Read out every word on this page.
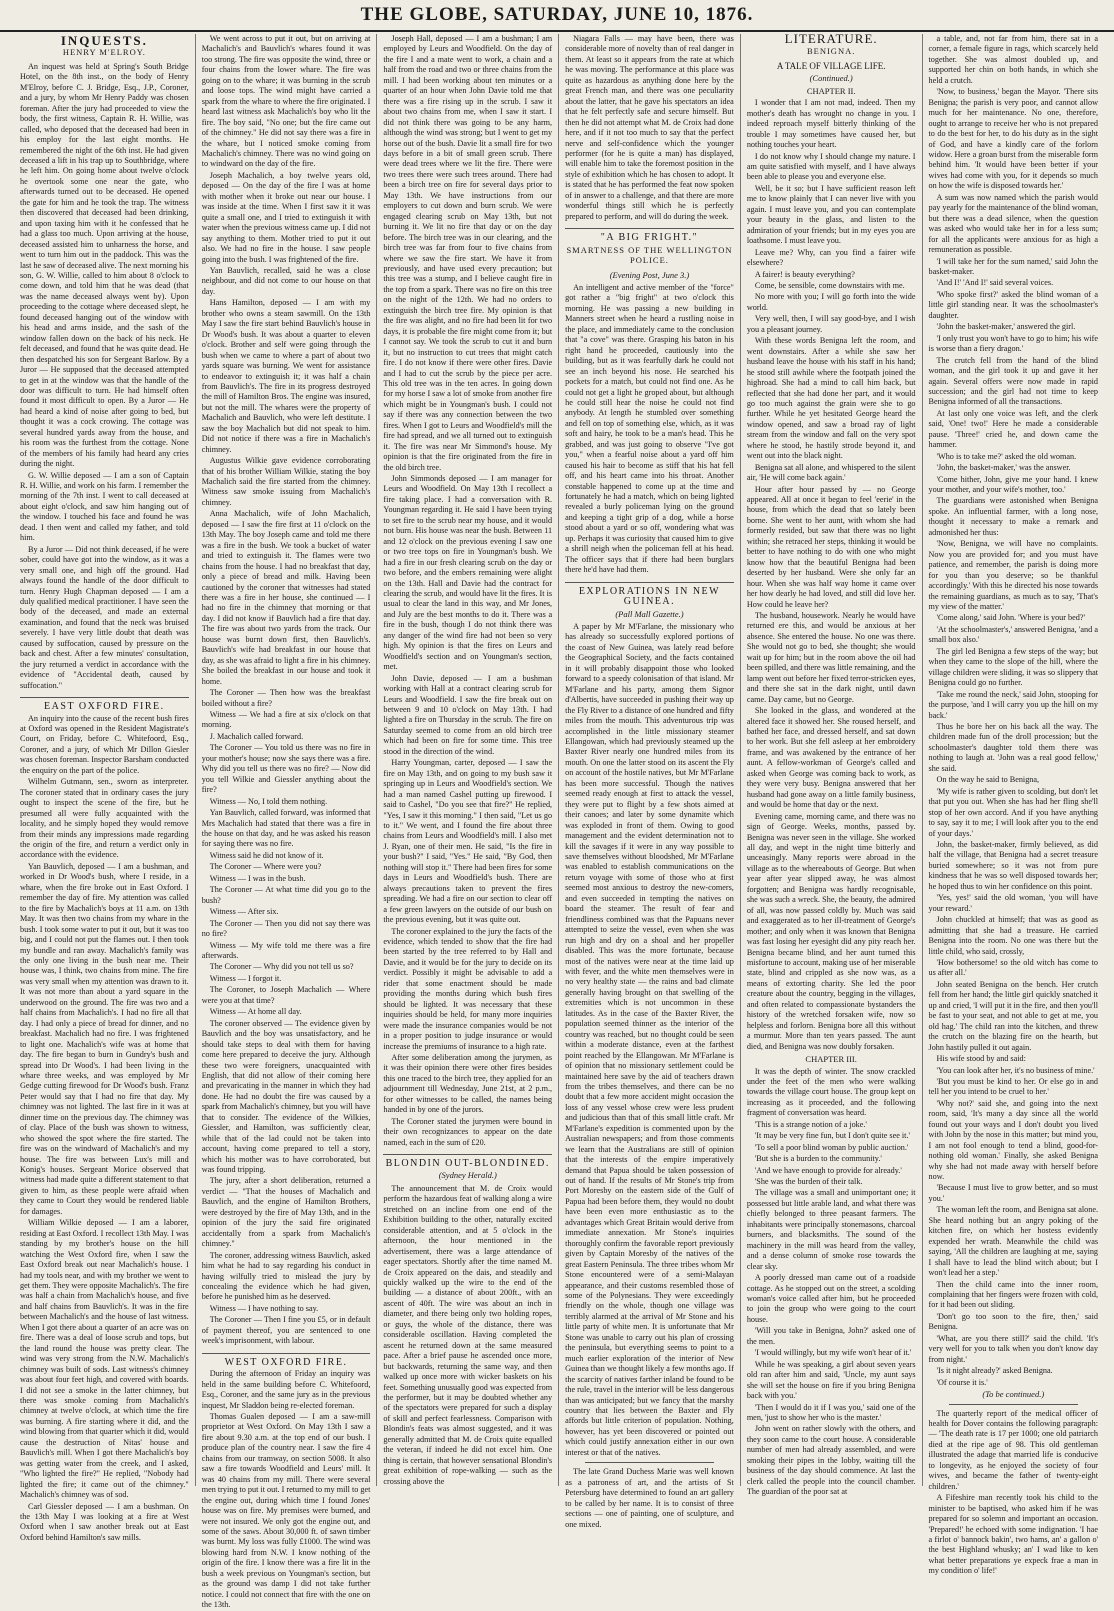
THE GLOBE, SATURDAY, JUNE 10, 1876.
INQUESTS.
HENRY M'ELROY.

An inquest was held at Spring's South Bridge Hotel, on the 8th inst., on the body of Henry M'Elroy, before C. J. Bridge, Esq., J.P., Coroner, and a jury, by whom Mr Henry Paddy was chosen foreman. After the jury had proceeded to view the body, the first witness, Captain R. H. Willie, was called, who deposed that the deceased had been in his employ for the last eight months. He remembered the night of the 6th inst. He had given deceased a lift in his trap up to Southbridge, where he left him. On going home about twelve o'clock he overtook some one near the gate, who afterwards turned out to be deceased. He opened the gate for him and he took the trap. The witness then discovered that deceased had been drinking, and upon taxing him with it he confessed that he had a glass too much. Upon arriving at the house, deceased assisted him to unharness the horse, and went to turn him out in the paddock. This was the last he saw of deceased alive. The next morning his son, G. W. Willie, called to him about 8 o'clock to come down, and told him that he was dead (that was the name deceased always went by). Upon proceeding to the cottage where deceased slept, he found deceased hanging out of the window with his head and arms inside, and the sash of the window fallen down on the back of his neck. He felt deceased, and found that he was quite dead. He then despatched his son for Sergeant Barlow. By a Juror — He supposed that the deceased attempted to get in at the window was that the handle of the door was difficult to turn. He had himself often found it most difficult to open. By a Juror — He had heard a kind of noise after going to bed, but thought it was a cock crowing. The cottage was several hundred yards away from the house, and his room was the furthest from the cottage. None of the members of his family had heard any cries during the night.

G. W. Willie deposed — I am a son of Captain R. H. Willie, and work on his farm. I remember the morning of the 7th inst. I went to call deceased at about eight o'clock, and saw him hanging out of the window. I touched his face and found he was dead. I then went and called my father, and told him.

By a Juror — Did not think deceased, if he were sober, could have got into the window, as it was a very small one, and high off the ground. Had always found the handle of the door difficult to turn. Henry Hugh Chapman deposed — I am a duly qualified medical practitioner. I have seen the body of the deceased, and made an external examination, and found that the neck was bruised severely. I have very little doubt that death was caused by suffocation, caused by pressure on the back and chest. After a few minutes' consultation, the jury returned a verdict in accordance with the evidence of "Accidental death, caused by suffocation."

EAST OXFORD FIRE.

An inquiry into the cause of the recent bush fires at Oxford was opened in the Resident Magistrate's Court, on Friday, before C. Whitefoord, Esq., Coroner, and a jury, of which Mr Dillon Giesler was chosen foreman. Inspector Barsham conducted the enquiry on the part of the police.

Wilhelm Gutmann, sen., sworn as interpreter. The coroner stated that in ordinary cases the jury ought to inspect the scene of the fire, but he presumed all were fully acquainted with the locality, and he simply hoped they would remove from their minds any impressions made regarding the origin of the fire, and return a verdict only in accordance with the evidence.

Yan Bauvlich, deposed — I am a bushman, and worked in Dr Wood's bush, where I reside, in a whare, when the fire broke out in East Oxford. I remember the day of fire. My attention was called to the fire by Machalich's boys at 11 a.m. on 13th May. It was then two chains from my whare in the bush. I took some water to put it out, but it was too big, and I could not put the flames out. I then took my bundle and ran away. Machalich's family was the only one living in the bush near me. Their house was, I think, two chains from mine. The fire was very small when my attention was drawn to it. It was not more than about a yard square in the underwood on the ground. The fire was two and a half chains from Machalich's. I had no fire all that day. I had only a piece of bread for dinner, and no breakfast. Machalich had no fire. I was frightened to light one. Machalich's wife was at home that day. The fire began to burn in Gundry's bush and spread into Dr Wood's. I had been living in the whare three weeks, and was employed by Mr Gedge cutting firewood for Dr Wood's bush. Franz Peter would say that I had no fire that day. My chimney was not lighted. The last fire in it was at dinner time on the previous day. The chimney was of clay. Place of the bush was shown to witness, who showed the spot where the fire started. The fire was on the windward of Machalich's and my house. The fire was between Lux's mill and Konig's houses. Sergeant Morice observed that witness had made quite a different statement to that given to him, as these people were afraid when they came to Court they would be rendered liable for damages.

William Wilkie deposed — I am a laborer, residing at East Oxford. I recollect 13th May. I was standing by my brother's house on the hill watching the West Oxford fire, when I saw the East Oxford break out near Machalich's house. I had my tools near, and with my brother we went to get them. They were opposite Machalich's. The fire was half a chain from Machalich's house, and five and half chains from Bauvlich's. It was in the fire between Machalich's and the house of last witness. When I got there about a quarter of an acre was on fire. There was a deal of loose scrub and tops, but the land round the house was pretty clear. The wind was very strong from the N.W. Machalich's chimney was built of sods. Last witness's chimney was about four feet high, and covered with boards. I did not see a smoke in the latter chimney, but there was smoke coming from Machalich's chimney at twelve o'clock, at which time the fire was burning. A fire starting where it did, and the wind blowing from that quarter which it did, would cause the destruction of Nitas' house and Bauvlich's mill. When I got there Machalich's boy was getting water from the creek, and I asked, "Who lighted the fire?" He replied, "Nobody had lighted the fire; it came out of the chimney." Machalich's chimney was of sod.

Carl Giessler deposed — I am a bushman. On the 13th May I was looking at a fire at West Oxford when I saw another break out at East Oxford behind Hamilton's saw mills.

We went across to put it out, but on arriving at Machalich's and Bauvlich's whares found it was too strong. The fire was opposite the wind, three or four chains from the lower whare. The fire was going on to the whare; it was burning in the scrub and loose tops. The wind might have carried a spark from the whare to where the fire originated. I heard last witness ask Machalich's boy who lit the fire. The boy said, "No one; but the fire came out of the chimney." He did not say there was a fire in the whare, but I noticed smoke coming from Machalich's chimney. There was no wind going on to windward on the day of the fire.

Joseph Machalich, a boy twelve years old, deposed — On the day of the fire I was at home with mother when it broke out near our house. I was inside at the time. When I first saw it it was quite a small one, and I tried to extinguish it with water when the previous witness came up. I did not say anything to them. Mother tried to put it out also. We had no fire in the house. I saw people going into the bush. I was frightened of the fire.

Yan Bauvlich, recalled, said he was a close neighbour, and did not come to our house on that day.

Hans Hamilton, deposed — I am with my brother who owns a steam sawmill. On the 13th May I saw the fire start behind Bauvlich's house in Dr Wood's bush. It was about a quarter to eleven o'clock. Brother and self were going through the bush when we came to where a part of about two yards square was burning. We went for assistance to endeavor to extinguish it; it was half a chain from Bauvlich's. The fire in its progress destroyed the mill of Hamilton Bros. The engine was insured, but not the mill. The whares were the property of Machalich and Bauvlich, who were left destitute. I saw the boy Machalich but did not speak to him. Did not notice if there was a fire in Machalich's chimney.

Augustus Wilkie gave evidence corroborating that of his brother William Wilkie, stating the boy Machalich said the fire started from the chimney. Witness saw smoke issuing from Machalich's chimney.

Anna Machalich, wife of John Machalich, deposed — I saw the fire first at 11 o'clock on the 13th May. The boy Joseph came and told me there was a fire in the bush. We took a bucket of water and tried to extinguish it. The flames were two chains from the house. I had no breakfast that day, only a piece of bread and milk. Having been cautioned by the coroner that witnesses had stated there was a fire in her house, she continued — I had no fire in the chimney that morning or that day. I did not know if Bauvlich had a fire that day. The fire was about two yards from the track. Our house was burnt down first, then Bauvlich's. Bauvlich's wife had breakfast in our house that day, as she was afraid to light a fire in his chimney. She boiled the breakfast in our house and took it home.

The Coroner — Then how was the breakfast boiled without a fire?

Witness — We had a fire at six o'clock on that morning.

J. Machalich called forward.

The Coroner — You told us there was no fire in your mother's house; now she says there was a fire. Why did you tell us there was no fire? — Now did you tell Wilkie and Giessler anything about the fire?

Witness — No, I told them nothing.

Yan Bauvlich, called forward, was informed that Mrs Machalich had stated that there was a fire in the house on that day, and he was asked his reason for saying there was no fire.

Witness said he did not know of it.

The Coroner — Where were you?

Witness — I was in the bush.

The Coroner — At what time did you go to the bush?

Witness — After six.

The Coroner — Then you did not say there was no fire?

Witness — My wife told me there was a fire afterwards.

The Coroner — Why did you not tell us so?

Witness — I forgot it.

The Coroner, to Joseph Machalich — Where were you at that time?

Witness — At home all day.

The coroner observed — The evidence given by Bauvlich and the boy was unsatisfactory, and he should take steps to deal with them for having come here prepared to deceive the jury. Although these two were foreigners, unacquainted with English, that did not allow of their coming here and prevaricating in the manner in which they had done. He had no doubt the fire was caused by a spark from Machalich's chimney, but you will have that to consider. The evidence of the Wilkies, Giessler, and Hamilton, was sufficiently clear, while that of the lad could not be taken into account, having come prepared to tell a story, which his mother was to have corroborated, but was found tripping.

The jury, after a short deliberation, returned a verdict — "That the houses of Machalich and Bauvlich, and the engine of Hamilton Brothers, were destroyed by the fire of May 13th, and in the opinion of the jury the said fire originated accidentally from a spark from Machalich's chimney."

The coroner, addressing witness Bauvlich, asked him what he had to say regarding his conduct in having wilfully tried to mislead the jury by concealing the evidence which he had given, before he punished him as he deserved.

Witness — I have nothing to say.

The Coroner — Then I fine you £5, or in default of payment thereof, you are sentenced to one week's imprisonment, with labour.

WEST OXFORD FIRE.

During the afternoon of Friday an inquiry was held in the same building before C. Whitefoord, Esq., Coroner, and the same jury as in the previous inquest, Mr Sladdon being re-elected foreman.

Thomas Gualen deposed — I am a saw-mill proprietor at West Oxford. On May 13th I saw a fire about 9.30 a.m. at the top end of our bush. I produce plan of the country near. I saw the fire 4 chains from our tramway, on section 5008. It also saw a fire towards Woodfield and Leurs' mill. It was 40 chains from my mill. There were several men trying to put it out. I returned to my mill to get the engine out, during which time I found Jones' house was on fire. My premises were burned, and were not insured. We only got the engine out, and some of the saws. About 30,000 ft. of sawn timber was burnt. My loss was fully £1000. The wind was blowing hard from N.W. I know nothing of the origin of the fire. I know there was a fire lit in the bush a week previous on Youngman's section, but as the ground was damp I did not take further notice. I could not connect that fire with the one on the 13th.

Joseph Hall, deposed — I am a bushman; I am employed by Leurs and Woodfield. On the day of the fire I and a mate went to work, a chain and a half from the road and two or three chains from the mill. I had been working about ten minutes or a quarter of an hour when John Davie told me that there was a fire rising up in the scrub. I saw it about two chains from me, when I saw it start. I did not think there was going to be any harm, although the wind was strong; but I went to get my horse out of the bush. Davie lit a small fire for two days before in a bit of small green scrub. There were dead trees where we lit the fire. There were two trees there were such trees around. There had been a birch tree on fire for several days prior to May 13th. We have instructions from our employers to cut down and burn scrub. We were engaged clearing scrub on May 13th, but not burning it. We lit no fire that day or on the day before. The birch tree was in our clearing, and the birch tree was far from four to five chains from where we saw the fire start. We have it from previously, and have used every precaution; but this tree was a stump, and I believe caught fire in the top from a spark. There was no fire on this tree on the night of the 12th. We had no orders to extinguish the birch tree fire. My opinion is that the fire was alight, and no fire had been lit for two days, it is probable the fire might come from it; but I cannot say. We took the scrub to cut it and burn it, but no instruction to cut trees that might catch fire. I do not know if there were other fires. Davie and I had to cut the scrub by the piece per acre. This old tree was in the ten acres. In going down for my horse I saw a lot of smoke from another fire which might be in Youngman's bush. I could not say if there was any connection between the two fires. When I got to Leurs and Woodfield's mill the fire had spread, and we all turned out to extinguish it. The fire was near Mr Simmond's house. My opinion is that the fire originated from the fire in the old birch tree.

John Simmonds deposed — I am manager for Leurs and Woodfield. On May 13th I recollect a fire taking place. I had a conversation with R. Youngman regarding it. He said I have been trying to set fire to the scrub near my house, and it would not burn. His house was near the bush. Between 11 and 12 o'clock on the previous evening I saw one or two tree tops on fire in Youngman's bush. We had a fire in our fresh clearing scrub on the day or two before, and the embers remaining were alight on the 13th. Hall and Davie had the contract for clearing the scrub, and would have lit the fires. It is usual to clear the land in this way, and Mr Jones, and July are the best months to do it. There was a fire in the bush, though I do not think there was any danger of the wind fire had not been so very high. My opinion is that the fires on Leurs and Woodfield's section and on Youngman's section, met.

John Davie, deposed — I am a bushman working with Hall at a contract clearing scrub for Leurs and Woodfield. I saw the fire break out on between 9 and 10 o'clock on May 13th. I had lighted a fire on Thursday in the scrub. The fire on Saturday seemed to come from an old birch tree which had been on fire for some time. This tree stood in the direction of the wind.

Harry Youngman, carter, deposed — I saw the fire on May 13th, and on going to my bush saw it springing up in Leurs and Woodfield's section. We had a man named Cashel putting up firewood. I said to Cashel, "Do you see that fire?" He replied, "Yes, I saw it this morning." I then said, "Let us go to it." We went, and I found the fire about three chains from Leurs and Woodfield's mill. I also met J. Ryan, one of their men. He said, "Is the fire in your bush?" I said, "Yes." He said, "By God, then nothing will stop it." There had been fires for some days in Leurs and Woodfield's bush. There are always precautions taken to prevent the fires spreading. We had a fire on our section to clear off a few green lawyers on the outside of our bush on the previous evening, but it was quite out.

The coroner explained to the jury the facts of the evidence, which tended to show that the fire had been started by the tree referred to by Hall and Davie, and it would be for the jury to decide on its verdict. Possibly it might be advisable to add a rider that some enactment should be made providing the months during which bush fires should be lighted. It was necessary that these inquiries should be held, for many more inquiries were made the insurance companies would be not in a proper position to judge insurance or would increase the premiums of insurance to a high rate.

After some deliberation among the jurymen, as it was their opinion there were other fires besides this one traced to the birch tree, they applied for an adjournment till Wednesday, June 21st, at 2 p.m., for other witnesses to be called, the names being handed in by one of the jurors.

The Coroner stated the jurymen were bound in their own recognizances to appear on the date named, each in the sum of £20.

BLONDIN OUT-BLONDINED.
(Sydney Herald.)

The announcement that M. de Croix would perform the hazardous feat of walking along a wire stretched on an incline from one end of the Exhibition building to the other, naturally excited considerable attention, and at 5 o'clock in the afternoon, the hour mentioned in the advertisement, there was a large attendance of eager spectators. Shortly after the time named M. de Croix appeared on the dais, and steadily and quickly walked up the wire to the end of the building — a distance of about 200ft., with an ascent of 40ft. The wire was about an inch in diameter, and there being only two holding ropes, or guys, the whole of the distance, there was considerable oscillation. Having completed the ascent he returned down at the same measured pace. After a brief pause he ascended once more, but backwards, returning the same way, and then walked up once more with wicker baskets on his feet. Something unusually good was expected from the performer, but it may be doubted whether any of the spectators were prepared for such a display of skill and perfect fearlessness. Comparison with Blondin's feats was almost suggested, and it was generally admitted that M. de Croix quite equalled the veteran, if indeed he did not excel him. One thing is certain, that however sensational Blondin's great exhibition of rope-walking — such as the crossing above the

Niagara Falls — may have been, there was considerable more of novelty than of real danger in them. At least so it appears from the rate at which he was moving. The performance at this place was quite as hazardous as anything done here by the great French man, and there was one peculiarity about the latter, that he gave his spectators an idea that he felt perfectly safe and secure himself. But then he did not attempt what M. de Croix had done here, and if it not too much to say that the perfect nerve and self-confidence which the younger performer (for he is quite a man) has displayed, will enable him to take the foremost position in the style of exhibition which he has chosen to adopt. It is stated that he has performed the feat now spoken of in answer to a challenge, and that there are more wonderful things still which he is perfectly prepared to perform, and will do during the week.

"A BIG FRIGHT."
SMARTNESS OF THE WELLINGTON POLICE.
(Evening Post, June 3.)

An intelligent and active member of the "force" got rather a "big fright" at two o'clock this morning. He was passing a new building in Manners street when he heard a rustling noise in the place, and immediately came to the conclusion that "a cove" was there. Grasping his baton in his right hand he proceeded, cautiously into the building, but as it was fearfully dark he could not see an inch beyond his nose. He searched his pockets for a match, but could not find one. As he could not get a light he groped about, but although he could still hear the noise he could not find anybody. At length he stumbled over something and fell on top of something else, which, as it was soft and hairy, he took to be a man's head. This he grabbed, and was just going to observe "I've got you," when a fearful noise about a yard off him caused his hair to become as stiff that his hat fell off, and his heart came into his throat. Another constable happened to come up at the time and fortunately he had a match, which on being lighted revealed a burly policeman lying on the ground and keeping a tight grip of a dog, while a horse stood about a yard or so off, wondering what was up. Perhaps it was curiosity that caused him to give a shrill neigh when the policeman fell at his head. The officer says that if there had been burglars there he'd have had them.

EXPLORATIONS IN NEW GUINEA.
(Pall Mall Gazette.)

A paper by Mr M'Farlane, the missionary who has already so successfully explored portions of the coast of New Guinea, was lately read before the Geographical Society, and the facts contained in it will probably disappoint those who looked forward to a speedy colonisation of that island. Mr M'Farlane and his party, among them Signor d'Albertis, have succeeded in pushing their way up the Fly River to a distance of one hundred and fifty miles from the mouth. This adventurous trip was accomplished in the little missionary steamer Ellangowan, which had previously steamed up the Baxter River nearly one hundred miles from its mouth. On one the latter stood on its ascent the Fly on account of the hostile natives, but Mr M'Farlane has been more successful. Though the natives seemed ready enough at first to attack the vessel, they were put to flight by a few shots aimed at their canoes; and later by some dynamite which was exploded in front of them. Owing to good management and the evident determination not to kill the savages if it were in any way possible to save themselves without bloodshed, Mr M'Farlane was enabled to establish communications on the return voyage with some of those who at first seemed most anxious to destroy the new-comers, and even succeeded in tempting the natives on board the steamer. The result of fear and friendliness combined was that the Papuans never attempted to seize the vessel, even when she was run high and dry on a shoal and her propeller disabled. This was the more fortunate, because most of the natives were near at the time laid up with fever, and the white men themselves were in no very healthy state — the rains and bad climate generally having brought on that swelling of the extremities which is not uncommon in these latitudes. As in the case of the Baxter River, the population seemed thinner as the interior of the country was reached, but no thought could be seen within a moderate distance, even at the farthest point reached by the Ellangowan. Mr M'Farlane is of opinion that no missionary settlement could be maintained here save by the aid of teachers drawn from the tribes themselves, and there can be no doubt that a few more accident might occasion the loss of any vessel whose crew were less prudent and judicious than that of this small little craft. Mr M'Farlane's expedition is commented upon by the Australian newspapers; and from those comments we learn that the Australians are still of opinion that the interests of the empire imperatively demand that Papua should be taken possession of out of hand. If the results of Mr Stone's trip from Port Moresby on the eastern side of the Gulf of Papua had been before them, they would no doubt have been even more enthusiastic as to the advantages which Great Britain would derive from immediate annexation. Mr Stone's inquiries thoroughly confirm the favorable report previously given by Captain Moresby of the natives of the great Eastern Peninsula. The three tribes whom Mr Stone encountered were of a semi-Malayan appearance, and their customs resembled those of some of the Polynesians. They were exceedingly friendly on the whole, though one village was terribly alarmed at the arrival of Mr Stone and his little party of white men. It is unfortunate that Mr Stone was unable to carry out his plan of crossing the peninsula, but everything seems to point to a much earlier exploration of the interior of New Guinea than we thought likely a few months ago. If the scarcity of natives farther inland be found to be the rule, travel in the interior will be less dangerous than was anticipated; but we fancy that the marshy country that lies between the Baxter and Fly affords but little criterion of population. Nothing, however, has yet been discovered or pointed out which could justify annexation either in our own interest or that of the natives.

The late Grand Duchess Marie was well known as a patroness of art, and the artists of St Petersburg have determined to found an art gallery to be called by her name. It is to consist of three sections — one of painting, one of sculpture, and one mixed.

LITERATURE.
BENIGNA.
A TALE OF VILLAGE LIFE.
(Continued.)
CHAPTER II.

I wonder that I am not mad, indeed. Then my mother's death has wrought no change in you. I indeed reproach myself bitterly thinking of the trouble I may sometimes have caused her, but nothing touches your heart.

I do not know why I should change my nature. I am quite satisfied with myself, and I have always been able to please you and everyone else.

Well, be it so; but I have sufficient reason left me to know plainly that I can never live with you again. I must leave you, and you can contemplate your beauty in the glass, and listen to the admiration of your friends; but in my eyes you are loathsome. I must leave you.

Leave me? Why, can you find a fairer wife elsewhere?

A fairer! is beauty everything?

Come, be sensible, come downstairs with me.

No more with you; I will go forth into the wide world.

Very well, then, I will say good-bye, and I wish you a pleasant journey.

With these words Benigna left the room, and went downstairs. After a while she saw her husband leave the house with his staff in his hand; he stood still awhile where the footpath joined the highroad. She had a mind to call him back, but reflected that she had done her part, and it would go too much against the grain were she to go further. While he yet hesitated George heard the window opened, and saw a broad ray of light stream from the window and fall on the very spot where he stood, he hastily strode beyond it, and went out into the black night.

Benigna sat all alone, and whispered to the silent air, 'He will come back again.'

Hour after hour passed by — no George appeared. All at once it began to feel 'eerie' in the house, from which the dead that so lately been borne. She went to her aunt, with whom she had formerly resided, but saw that there was no light within; she retraced her steps, thinking it would be better to have nothing to do with one who might know how that the beautiful Benigna had been deserted by her husband. Were she only far an hour. When she was half way home it came over her how dearly he had loved, and still did love her. How could he leave her?

The husband, housework. Nearly he would have returned ere this, and would be anxious at her absence. She entered the house. No one was there. She would not go to bed, she thought; she would wait up for him; but in the room above the oil had been spilled, and there was little remaining, and the lamp went out before her fixed terror-stricken eyes, and there she sat in the dark night, until dawn came. Day came, but no George.

She looked in the glass, and wondered at the altered face it showed her. She roused herself, and bathed her face, and dressed herself, and sat down to her work. But she fell asleep at her embroidery frame, and was awakened by the entrance of her aunt. A fellow-workman of George's called and asked when George was coming back to work, as they were very busy. Benigna answered that her husband had gone away on a little family business, and would be home that day or the next.

Evening came, morning came, and there was no sign of George. Weeks, months, passed by. Benigna was never seen in the village. She worked all day, and wept in the night time bitterly and unceasingly. Many reports were abroad in the village as to the whereabouts of George. But when year after year slipped away, he was almost forgotten; and Benigna was hardly recognisable, she was such a wreck. She, the beauty, the admired of all, was now passed coldly by. Much was said and exaggerated as to her ill-treatment of George's mother; and only when it was known that Benigna was fast losing her eyesight did any pity reach her. Benigna became blind, and her aunt turned this misfortune to account, making use of her miserable state, blind and crippled as she now was, as a means of extorting charity. She led the poor creature about the country, begging in the villages, and often related to compassionate bystanders the history of the wretched forsaken wife, now so helpless and forlorn. Benigna bore all this without a murmur. More than ten years passed. The aunt died, and Benigna was now doubly forsaken.

CHAPTER III.

It was the depth of winter. The snow crackled under the feet of the men who were walking towards the village court house. The group kept on increasing as it proceeded, and the following fragment of conversation was heard.

'This is a strange notion of a joke.'

'It may be very fine fun, but I don't quite see it.'

'To sell a poor blind woman by public auction.'

'But she is a burden to the community.'

'And we have enough to provide for already.'

'She was the burden of their talk.

The village was a small and unimportant one; it possessed but little arable land, and what there was chiefly belonged to three peasant farmers. The inhabitants were principally stonemasons, charcoal burners, and blacksmiths. The sound of the machinery in the mill was heard from the valley, and a dense column of smoke rose towards the clear sky.

A poorly dressed man came out of a roadside cottage. As he stopped out on the street, a scolding woman's voice called after him, but he proceeded to join the group who were going to the court house.

'Will you take in Benigna, John?' asked one of the men.

'I would willingly, but my wife won't hear of it.'

While he was speaking, a girl about seven years old ran after him and said, 'Uncle, my aunt says she will set the house on fire if you bring Benigna back with you.'

'Then I would do it if I was you,' said one of the men, 'just to show her who is the master.'

John went on rather slowly with the others, and they soon came to the court house. A considerable number of men had already assembled, and were smoking their pipes in the lobby, waiting till the business of the day should commence. At last the clerk called the people into the council chamber. The guardian of the poor sat at

a table, and, not far from him, there sat in a corner, a female figure in rags, which scarcely held together. She was almost doubled up, and supported her chin on both hands, in which she held a crutch.

'Now, to business,' began the Mayor. 'There sits Benigna; the parish is very poor, and cannot allow much for her maintenance. No one, therefore, ought to arrange to receive her who is not prepared to do the best for her, to do his duty as in the sight of God, and have a kindly care of the forlorn widow. Here a groan burst from the miserable form behind him. 'It would have been better if your wives had come with you, for it depends so much on how the wife is disposed towards her.'

A sum was now named which the parish would pay yearly for the maintenance of the blind woman, but there was a dead silence, when the question was asked who would take her in for a less sum; for all the applicants were anxious for as high a remuneration as possible.

'I will take her for the sum named,' said John the basket-maker.

'And I!' 'And I!' said several voices.

'Who spoke first?' asked the blind woman of a little girl standing near. It was the schoolmaster's daughter.

'John the basket-maker,' answered the girl.

'I only trust you won't have to go to him; his wife is worse than a fiery dragon.'

The crutch fell from the hand of the blind woman, and the girl took it up and gave it her again. Several offers were now made in rapid succession; and the girl had not time to keep Benigna informed of all the transactions.

At last only one voice was left, and the clerk said, 'One! two!' Here he made a considerable pause. 'Three!' cried he, and down came the hammer.

'Who is to take me?' asked the old woman.

'John, the basket-maker,' was the answer.

'Come hither, John, give me your hand. I knew your mother, and your wife's mother, too.'

The guardians were astonished when Benigna spoke. An influential farmer, with a long nose, thought it necessary to make a remark and admonished her thus:

'Now, Benigna, we will have no complaints. Now you are provided for; and you must have patience, and remember, the parish is doing more for you than you deserve; so be thankful accordingly.' With this he directed his nose towards the remaining guardians, as much as to say, 'That's my view of the matter.'

'Come along,' said John. 'Where is your bed?'

'At the schoolmaster's,' answered Benigna, 'and a small box also.'

The girl led Benigna a few steps of the way; but when they came to the slope of the hill, where the village children were sliding, it was so slippery that Benigna could go no further.

'Take me round the neck,' said John, stooping for the purpose, 'and I will carry you up the hill on my back.'

Thus he bore her on his back all the way. The children made fun of the droll procession; but the schoolmaster's daughter told them there was nothing to laugh at. 'John was a real good fellow,' she said.

On the way he said to Benigna,

'My wife is rather given to scolding, but don't let that put you out. When she has had her fling she'll stop of her own accord. And if you have anything to say, say it to me; I will look after you to the end of your days.'

John, the basket-maker, firmly believed, as did half the village, that Benigna had a secret treasure buried somewhere; so it was not from pure kindness that he was so well disposed towards her; he hoped thus to win her confidence on this point.

'Yes, yes!' said the old woman, 'you will have your reward.'

John chuckled at himself; that was as good as admitting that she had a treasure. He carried Benigna into the room. No one was there but the little child, who said, crossly,

'How bothersome! so the old witch has come to us after all.'

John seated Benigna on the bench. Her crutch fell from her hand; the little girl quickly snatched it up and cried, 'I will put it in the fire, and then you'll be fast to your seat, and not able to get at me, you old hag.' The child ran into the kitchen, and threw the crutch on the blazing fire on the hearth, but John hastily pulled it out again.

His wife stood by and said:

'You can look after her, it's no business of mine.'

'But you must be kind to her. Or else go in and tell her you intend to be cruel to her.'

'Why not?' said she, and going into the next room, said, 'It's many a day since all the world found out your ways and I don't doubt you lived with John by the nose in this matter; but mind you, I am not fool enough to tend a blind, good-for-nothing old woman.' Finally, she asked Benigna why she had not made away with herself before now.

'Because I must live to grow better, and so must you.'

The woman left the room, and Benigna sat alone. She heard nothing but an angry poking of the kitchen fire, on which her hostess evidently expended her wrath. Meanwhile the child was saying, 'All the children are laughing at me, saying I shall have to lead the blind witch about; but I won't lead her a step.'

Then the child came into the inner room, complaining that her fingers were frozen with cold, for it had been out sliding.

'Don't go too soon to the fire, then,' said Benigna.

'What, are you there still?' said the child. 'It's very well for you to talk when you don't know day from night.'

'Is it night already?' asked Benigna.

'Of course it is.'

(To be continued.)

The quarterly report of the medical officer of health for Dover contains the following paragraph: — 'The death rate is 17 per 1000; one old patriarch died at the ripe age of 98. This old gentleman illustrated the adage that married life is conducive to longevity, as he enjoyed the society of four wives, and became the father of twenty-eight children.'

A Fifeshire man recently took his child to the minister to be baptised, who asked him if he was prepared for so solemn and important an occasion. 'Prepared!' he echoed with some indignation. 'I hae a firlot o' bannock bakin', two hams, an' a gallon o' the best Highland whusky; an' I wad like to ken what better preparations ye expeck frae a man in my condition o' life!'
